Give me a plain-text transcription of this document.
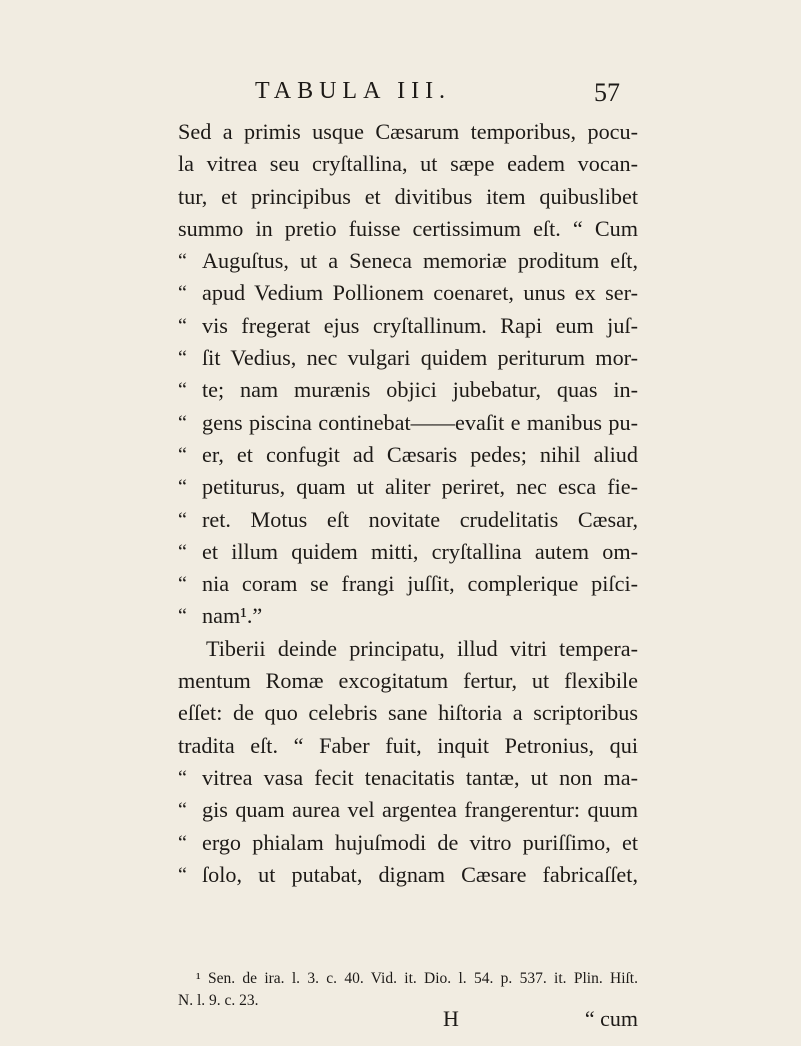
TABULA III.	57
Sed a primis usque Cæsarum temporibus, pocu-
la vitrea seu cryſtallina, ut sæpe eadem vocan-
tur, et principibus et divitibus item quibuslibet
summo in pretio fuisse certissimum eſt. “ Cum
“ Auguſtus, ut a Seneca memoriæ proditum eſt,
“ apud Vedium Pollionem coenaret, unus ex ser-
“ vis fregerat ejus cryſtallinum. Rapi eum juſ-
“ ſit Vedius, nec vulgari quidem periturum mor-
“ te; nam murænis objici jubebatur, quas in-
“ gens piscina continebat——evaſit e manibus pu-
“ er, et confugit ad Cæsaris pedes; nihil aliud
“ petiturus, quam ut aliter periret, nec esca fie-
“ ret. Motus eſt novitate crudelitatis Cæsar,
“ et illum quidem mitti, cryſtallina autem om-
“ nia coram se frangi juſſit, complerique piſci-
“ nam¹.”
Tiberii deinde principatu, illud vitri tempera-
mentum Romæ excogitatum fertur, ut flexibile
eſſet: de quo celebris sane hiſtoria a scriptoribus
tradita eſt. “ Faber fuit, inquit Petronius, qui
“ vitrea vasa fecit tenacitatis tantæ, ut non ma-
“ gis quam aurea vel argentea frangerentur: quum
“ ergo phialam hujuſmodi de vitro puriſſimo, et
“ ſolo, ut putabat, dignam Cæsare fabricaſſet,
¹ Sen. de ira. l. 3. c. 40. Vid. it. Dio. l. 54. p. 537. it. Plin. Hiſt.
N. l. 9. c. 23.
H	“ cum
